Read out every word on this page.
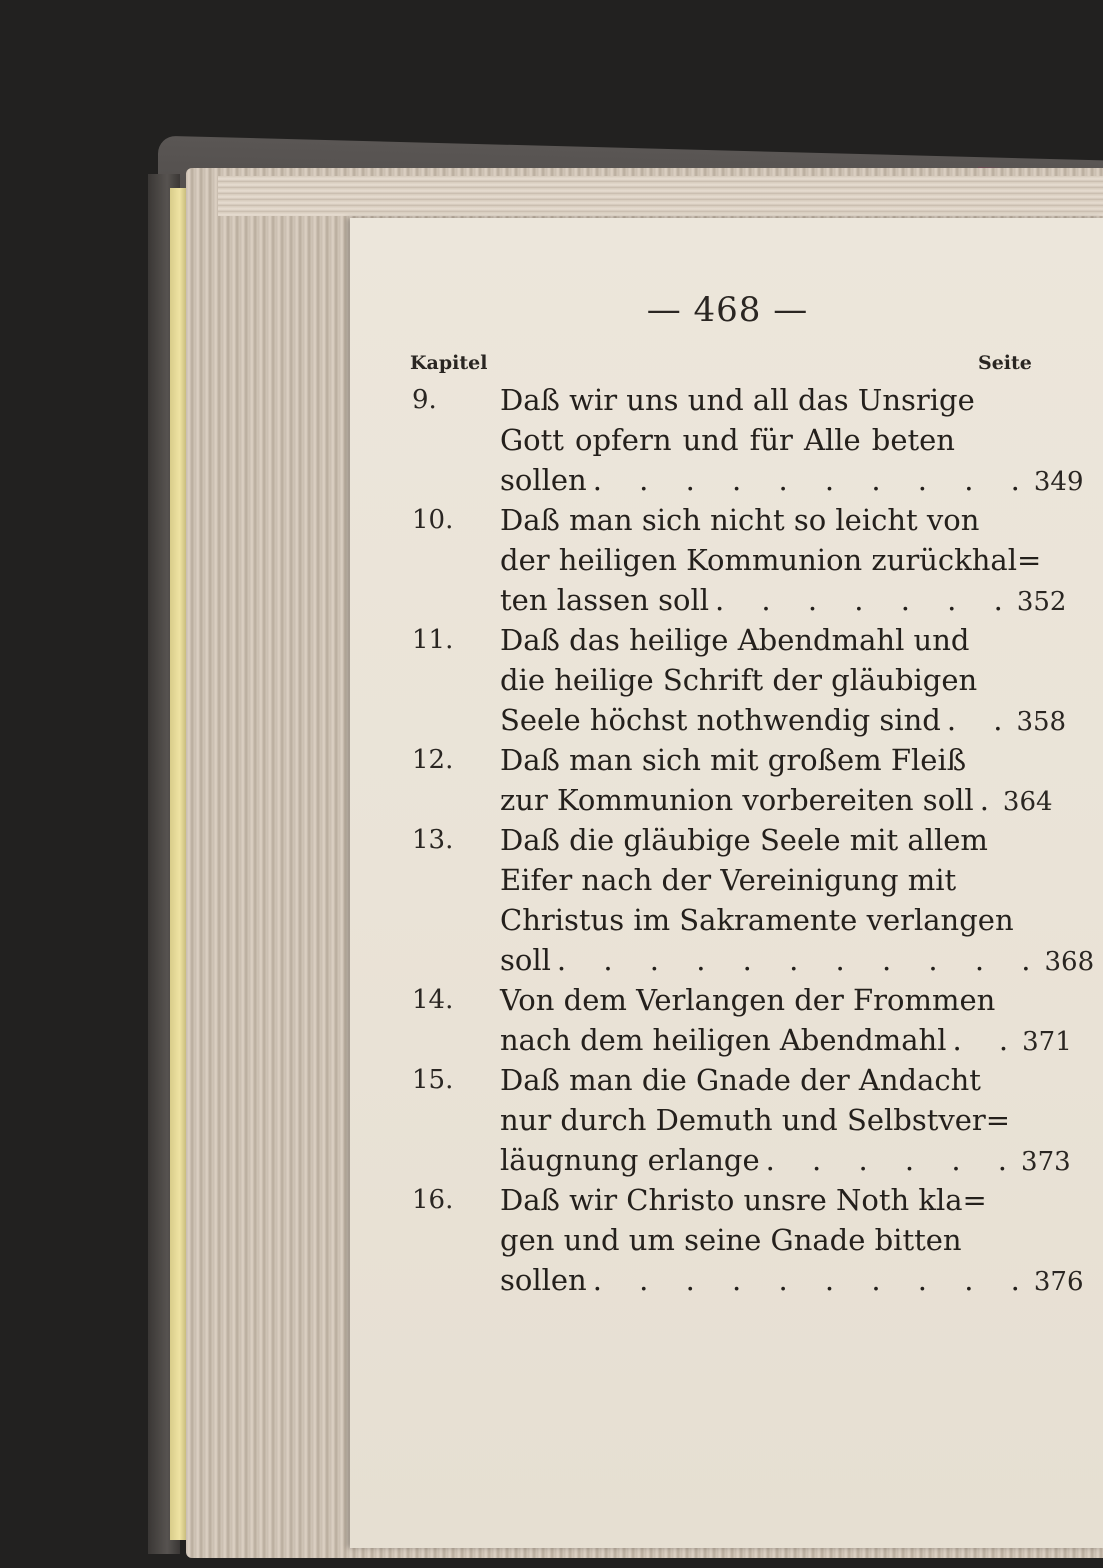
— 468 —
Kapitel	Seite
9.	Daß wir uns und all das Unsrige
Gott opfern und für Alle beten
sollen . . . . . . . . . . 349
10.	Daß man sich nicht so leicht von
der heiligen Kommunion zurückhal=
ten lassen soll . . . . . . . 352
11.	Daß das heilige Abendmahl und
die heilige Schrift der gläubigen
Seele höchst nothwendig sind . . 358
12.	Daß man sich mit großem Fleiß
zur Kommunion vorbereiten soll . 364
13.	Daß die gläubige Seele mit allem
Eifer nach der Vereinigung mit
Christus im Sakramente verlangen
soll . . . . . . . . . . . 368
14.	Von dem Verlangen der Frommen
nach dem heiligen Abendmahl . . 371
15.	Daß man die Gnade der Andacht
nur durch Demuth und Selbstver=
läugnung erlange . . . . . . 373
16.	Daß wir Christo unsre Noth kla=
gen und um seine Gnade bitten
sollen . . . . . . . . . . 376
